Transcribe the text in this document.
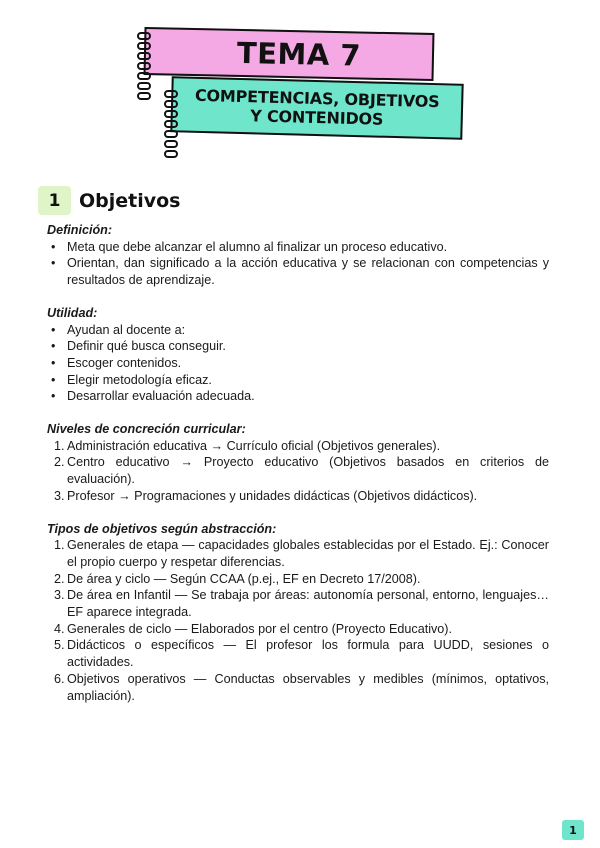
TEMA 7
COMPETENCIAS, OBJETIVOS
Y CONTENIDOS
1 Objetivos
Definición:
• Meta que debe alcanzar el alumno al finalizar un proceso educativo.
• Orientan, dan significado a la acción educativa y se relacionan con competencias y resultados de aprendizaje.
Utilidad:
• Ayudan al docente a:
• Definir qué busca conseguir.
• Escoger contenidos.
• Elegir metodología eficaz.
• Desarrollar evaluación adecuada.
Niveles de concreción curricular:
1. Administración educativa → Currículo oficial (Objetivos generales).
2. Centro educativo → Proyecto educativo (Objetivos basados en criterios de evaluación).
3. Profesor → Programaciones y unidades didácticas (Objetivos didácticos).
Tipos de objetivos según abstracción:
1. Generales de etapa — capacidades globales establecidas por el Estado. Ej.: Conocer el propio cuerpo y respetar diferencias.
2. De área y ciclo — Según CCAA (p.ej., EF en Decreto 17/2008).
3. De área en Infantil — Se trabaja por áreas: autonomía personal, entorno, lenguajes… EF aparece integrada.
4. Generales de ciclo — Elaborados por el centro (Proyecto Educativo).
5. Didácticos o específicos — El profesor los formula para UUDD, sesiones o actividades.
6. Objetivos operativos — Conductas observables y medibles (mínimos, optativos, ampliación).
1
